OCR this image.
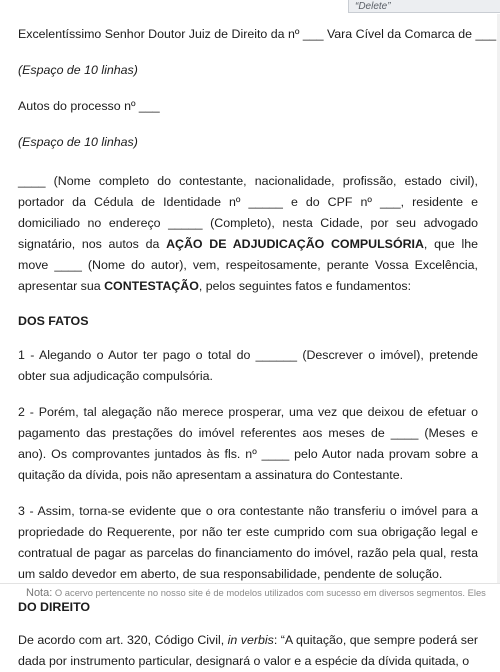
“Delete”

Excelentíssimo Senhor Doutor Juiz de Direito da nº ___ Vara Cível da Comarca de ___

(Espaço de 10 linhas)

Autos do processo nº ___

(Espaço de 10 linhas)

____ (Nome completo do contestante, nacionalidade, profissão, estado civil), portador da Cédula de Identidade nº _____ e do CPF nº ___, residente e domiciliado no endereço _____ (Completo), nesta Cidade, por seu advogado signatário, nos autos da AÇÃO DE ADJUDICAÇÃO COMPULSÓRIA, que lhe move ____ (Nome do autor), vem, respeitosamente, perante Vossa Excelência, apresentar sua CONTESTAÇÃO, pelos seguintes fatos e fundamentos:

DOS FATOS

1 - Alegando o Autor ter pago o total do ______ (Descrever o imóvel), pretende obter sua adjudicação compulsória.

2 - Porém, tal alegação não merece prosperar, uma vez que deixou de efetuar o pagamento das prestações do imóvel referentes aos meses de ____ (Meses e ano). Os comprovantes juntados às fls. nº ____ pelo Autor nada provam sobre a quitação da dívida, pois não apresentam a assinatura do Contestante.

3 - Assim, torna-se evidente que o ora contestante não transferiu o imóvel para a propriedade do Requerente, por não ter este cumprido com sua obrigação legal e contratual de pagar as parcelas do financiamento do imóvel, razão pela qual, resta um saldo devedor em aberto, de sua responsabilidade, pendente de solução.

DO DIREITO

De acordo com art. 320, Código Civil, in verbis: “A quitação, que sempre poderá ser dada por instrumento particular, designará o valor e a espécie da dívida quitada, o

Nota: O acervo pertencente no nosso site é de modelos utilizados com sucesso em diversos segmentos. Eles
